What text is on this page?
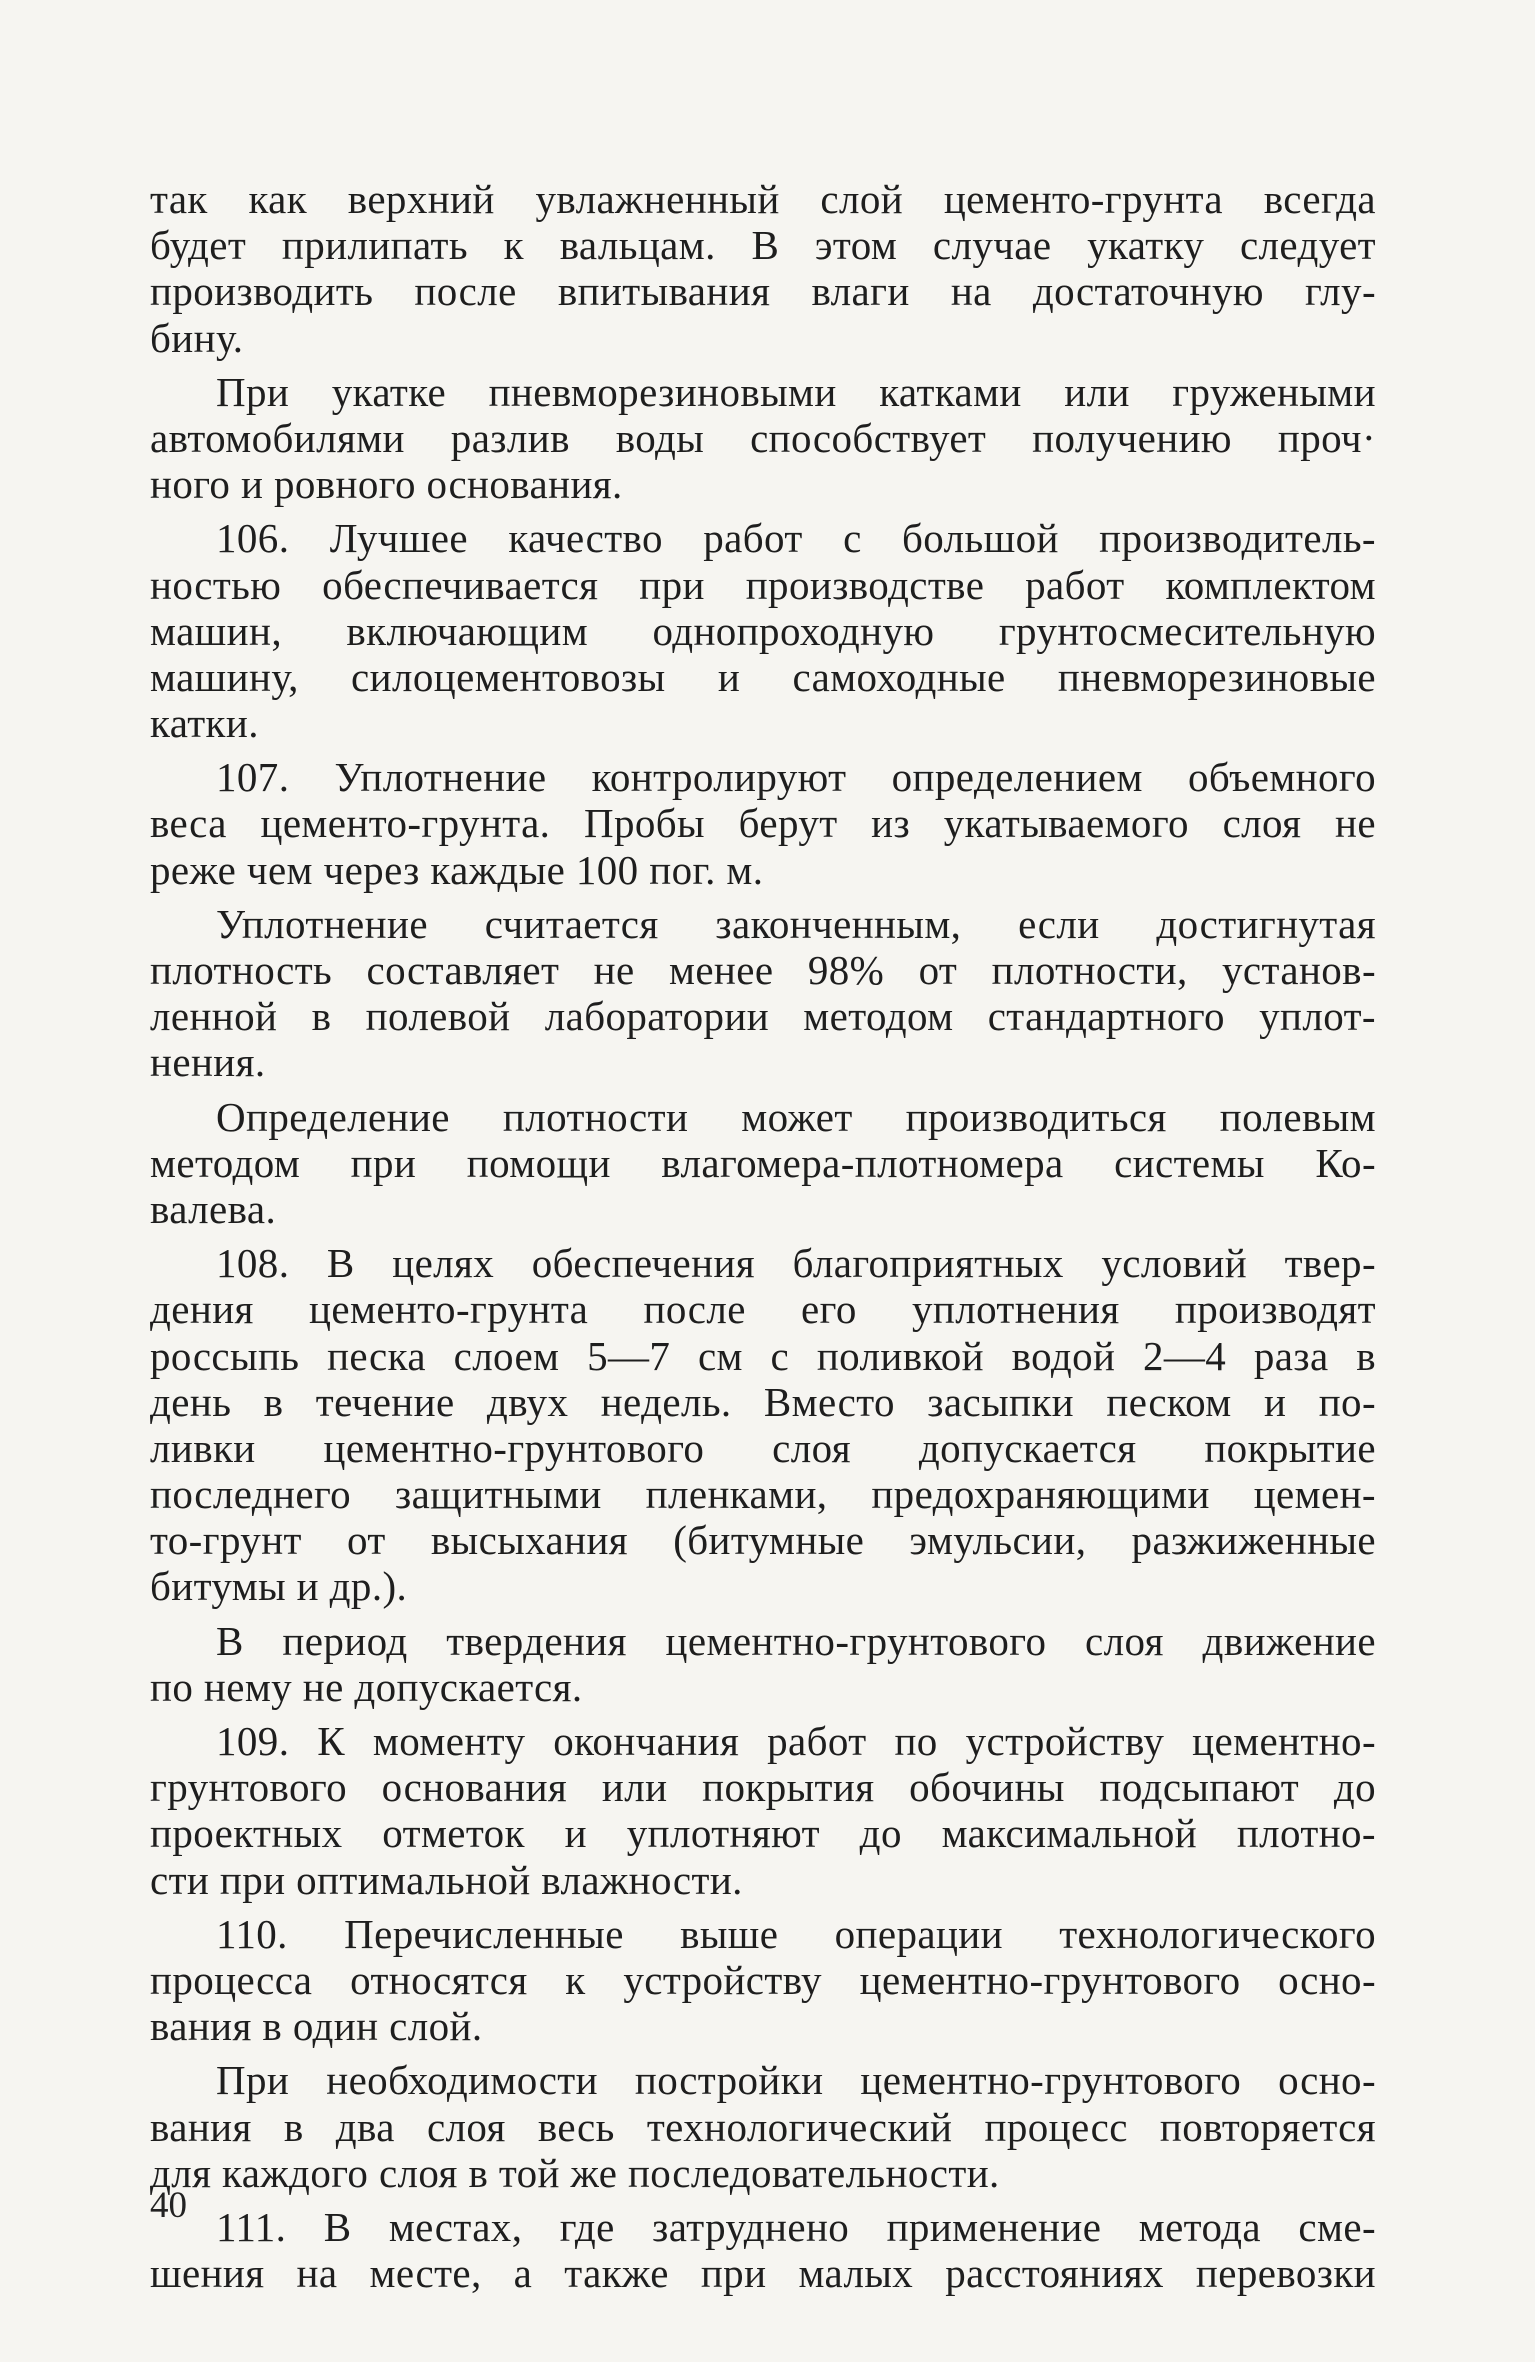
так как верхний увлажненный слой цементо-грунта всегда
будет прилипать к вальцам. В этом случае укатку следует
производить после впитывания влаги на достаточную глу-
бину.
При укатке пневморезиновыми катками или гружеными
автомобилями разлив воды способствует получению проч·
ного и ровного основания.
106. Лучшее качество работ с большой производитель-
ностью обеспечивается при производстве работ комплектом
машин, включающим однопроходную грунтосмесительную
машину, силоцементовозы и самоходные пневморезиновые
катки.
107. Уплотнение контролируют определением объемного
веса цементо-грунта. Пробы берут из укатываемого слоя не
реже чем через каждые 100 пог. м.
Уплотнение считается законченным, если достигнутая
плотность составляет не менее 98% от плотности, установ-
ленной в полевой лаборатории методом стандартного уплот-
нения.
Определение плотности может производиться полевым
методом при помощи влагомера-плотномера системы Ко-
валева.
108. В целях обеспечения благоприятных условий твер-
дения цементо-грунта после его уплотнения производят
россыпь песка слоем 5—7 см с поливкой водой 2—4 раза в
день в течение двух недель. Вместо засыпки песком и по-
ливки цементно-грунтового слоя допускается покрытие
последнего защитными пленками, предохраняющими цемен-
то-грунт от высыхания (битумные эмульсии, разжиженные
битумы и др.).
В период твердения цементно-грунтового слоя движение
по нему не допускается.
109. К моменту окончания работ по устройству цементно-
грунтового основания или покрытия обочины подсыпают до
проектных отметок и уплотняют до максимальной плотно-
сти при оптимальной влажности.
110. Перечисленные выше операции технологического
процесса относятся к устройству цементно-грунтового осно-
вания в один слой.
При необходимости постройки цементно-грунтового осно-
вания в два слоя весь технологический процесс повторяется
для каждого слоя в той же последовательности.
111. В местах, где затруднено применение метода сме-
шения на месте, а также при малых расстояниях перевозки
40
